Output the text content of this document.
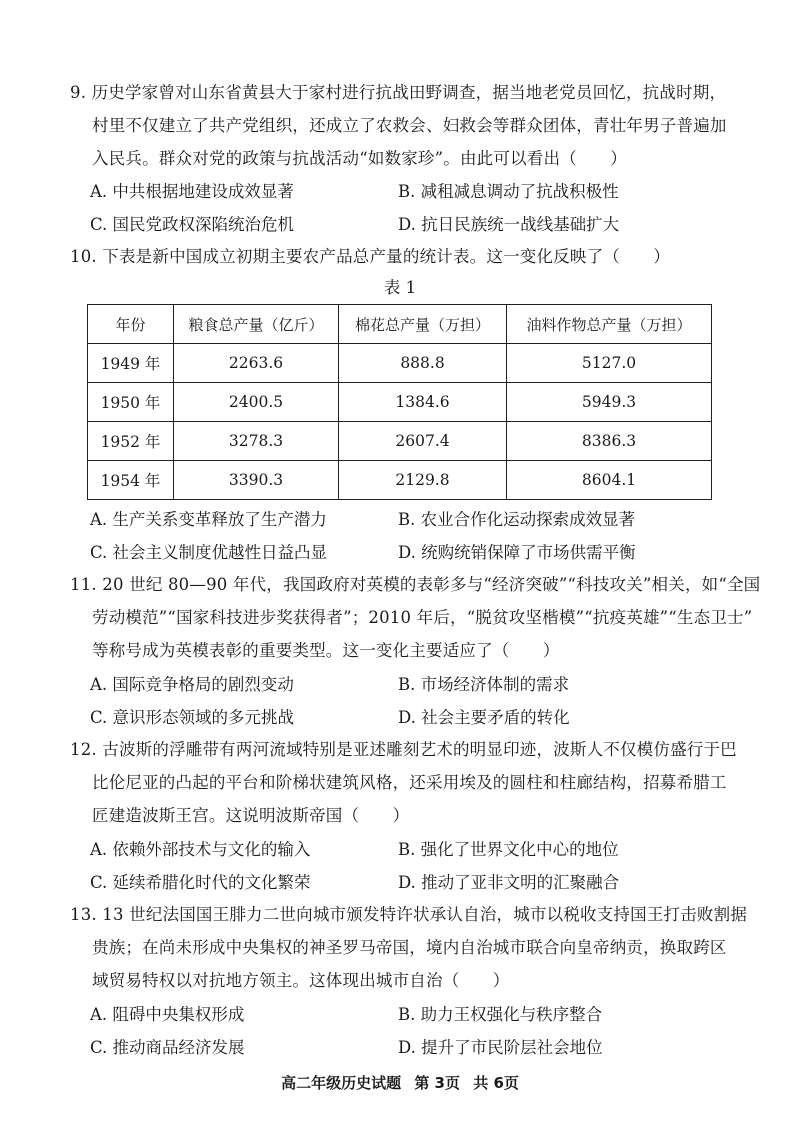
9. 历史学家曾对山东省黄县大于家村进行抗战田野调查，据当地老党员回忆，抗战时期，
村里不仅建立了共产党组织，还成立了农救会、妇救会等群众团体，青壮年男子普遍加
入民兵。群众对党的政策与抗战活动“如数家珍”。由此可以看出（　　）
A. 中共根据地建设成效显著	B. 减租减息调动了抗战积极性
C. 国民党政权深陷统治危机	D. 抗日民族统一战线基础扩大
10. 下表是新中国成立初期主要农产品总产量的统计表。这一变化反映了（　　）
表 1
年份	粮食总产量（亿斤）	棉花总产量（万担）	油料作物总产量（万担）
1949 年	2263.6	888.8	5127.0
1950 年	2400.5	1384.6	5949.3
1952 年	3278.3	2607.4	8386.3
1954 年	3390.3	2129.8	8604.1
A. 生产关系变革释放了生产潜力	B. 农业合作化运动探索成效显著
C. 社会主义制度优越性日益凸显	D. 统购统销保障了市场供需平衡
11. 20 世纪 80—90 年代，我国政府对英模的表彰多与“经济突破”“科技攻关”相关，如“全国
劳动模范”“国家科技进步奖获得者”；2010 年后，“脱贫攻坚楷模”“抗疫英雄”“生态卫士”
等称号成为英模表彰的重要类型。这一变化主要适应了（　　）
A. 国际竞争格局的剧烈变动	B. 市场经济体制的需求
C. 意识形态领域的多元挑战	D. 社会主要矛盾的转化
12. 古波斯的浮雕带有两河流域特别是亚述雕刻艺术的明显印迹，波斯人不仅模仿盛行于巴
比伦尼亚的凸起的平台和阶梯状建筑风格，还采用埃及的圆柱和柱廊结构，招募希腊工
匠建造波斯王宫。这说明波斯帝国（　　）
A. 依赖外部技术与文化的输入	B. 强化了世界文化中心的地位
C. 延续希腊化时代的文化繁荣	D. 推动了亚非文明的汇聚融合
13. 13 世纪法国国王腓力二世向城市颁发特许状承认自治，城市以税收支持国王打击败割据
贵族；在尚未形成中央集权的神圣罗马帝国，境内自治城市联合向皇帝纳贡，换取跨区
域贸易特权以对抗地方领主。这体现出城市自治（　　）
A. 阻碍中央集权形成	B. 助力王权强化与秩序整合
C. 推动商品经济发展	D. 提升了市民阶层社会地位
高二年级历史试题 第 3页 共 6页
